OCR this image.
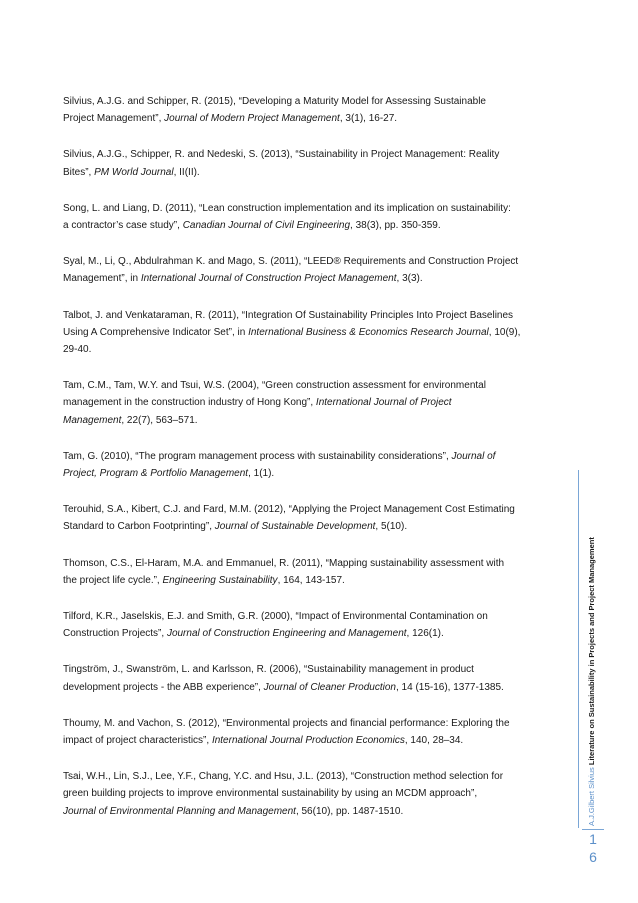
Silvius, A.J.G. and Schipper, R. (2015), “Developing a Maturity Model for Assessing Sustainable
Project Management”, Journal of Modern Project Management, 3(1), 16-27.

Silvius, A.J.G., Schipper, R. and Nedeski, S. (2013), “Sustainability in Project Management: Reality
Bites”, PM World Journal, II(II).

Song, L. and Liang, D. (2011), “Lean construction implementation and its implication on sustainability:
a contractor’s case study”, Canadian Journal of Civil Engineering, 38(3), pp. 350-359.

Syal, M., Li, Q., Abdulrahman K. and Mago, S. (2011), “LEED® Requirements and Construction Project
Management”, in International Journal of Construction Project Management, 3(3).

Talbot, J. and Venkataraman, R. (2011), “Integration Of Sustainability Principles Into Project Baselines
Using A Comprehensive Indicator Set”, in International Business & Economics Research Journal, 10(9),
29-40.

Tam, C.M., Tam, W.Y. and Tsui, W.S. (2004), “Green construction assessment for environmental
management in the construction industry of Hong Kong”, International Journal of Project
Management, 22(7), 563–571.

Tam, G. (2010), “The program management process with sustainability considerations”, Journal of
Project, Program & Portfolio Management, 1(1).

Terouhid, S.A., Kibert, C.J. and Fard, M.M. (2012), “Applying the Project Management Cost Estimating
Standard to Carbon Footprinting”, Journal of Sustainable Development, 5(10).

Thomson, C.S., El-Haram, M.A. and Emmanuel, R. (2011), “Mapping sustainability assessment with
the project life cycle.”, Engineering Sustainability, 164, 143-157.

Tilford, K.R., Jaselskis, E.J. and Smith, G.R. (2000), “Impact of Environmental Contamination on
Construction Projects”, Journal of Construction Engineering and Management, 126(1).

Tingström, J., Swanström, L. and Karlsson, R. (2006), “Sustainability management in product
development projects - the ABB experience”, Journal of Cleaner Production, 14 (15-16), 1377-1385.

Thoumy, M. and Vachon, S. (2012), “Environmental projects and financial performance: Exploring the
impact of project characteristics”, International Journal Production Economics, 140, 28–34.

Tsai, W.H., Lin, S.J., Lee, Y.F., Chang, Y.C. and Hsu, J.L. (2013), “Construction method selection for
green building projects to improve environmental sustainability by using an MCDM approach”,
Journal of Environmental Planning and Management, 56(10), pp. 1487-1510.	A.J.Gilbert Silvius Literature on Sustainability in Projects and Project Management
1
6
